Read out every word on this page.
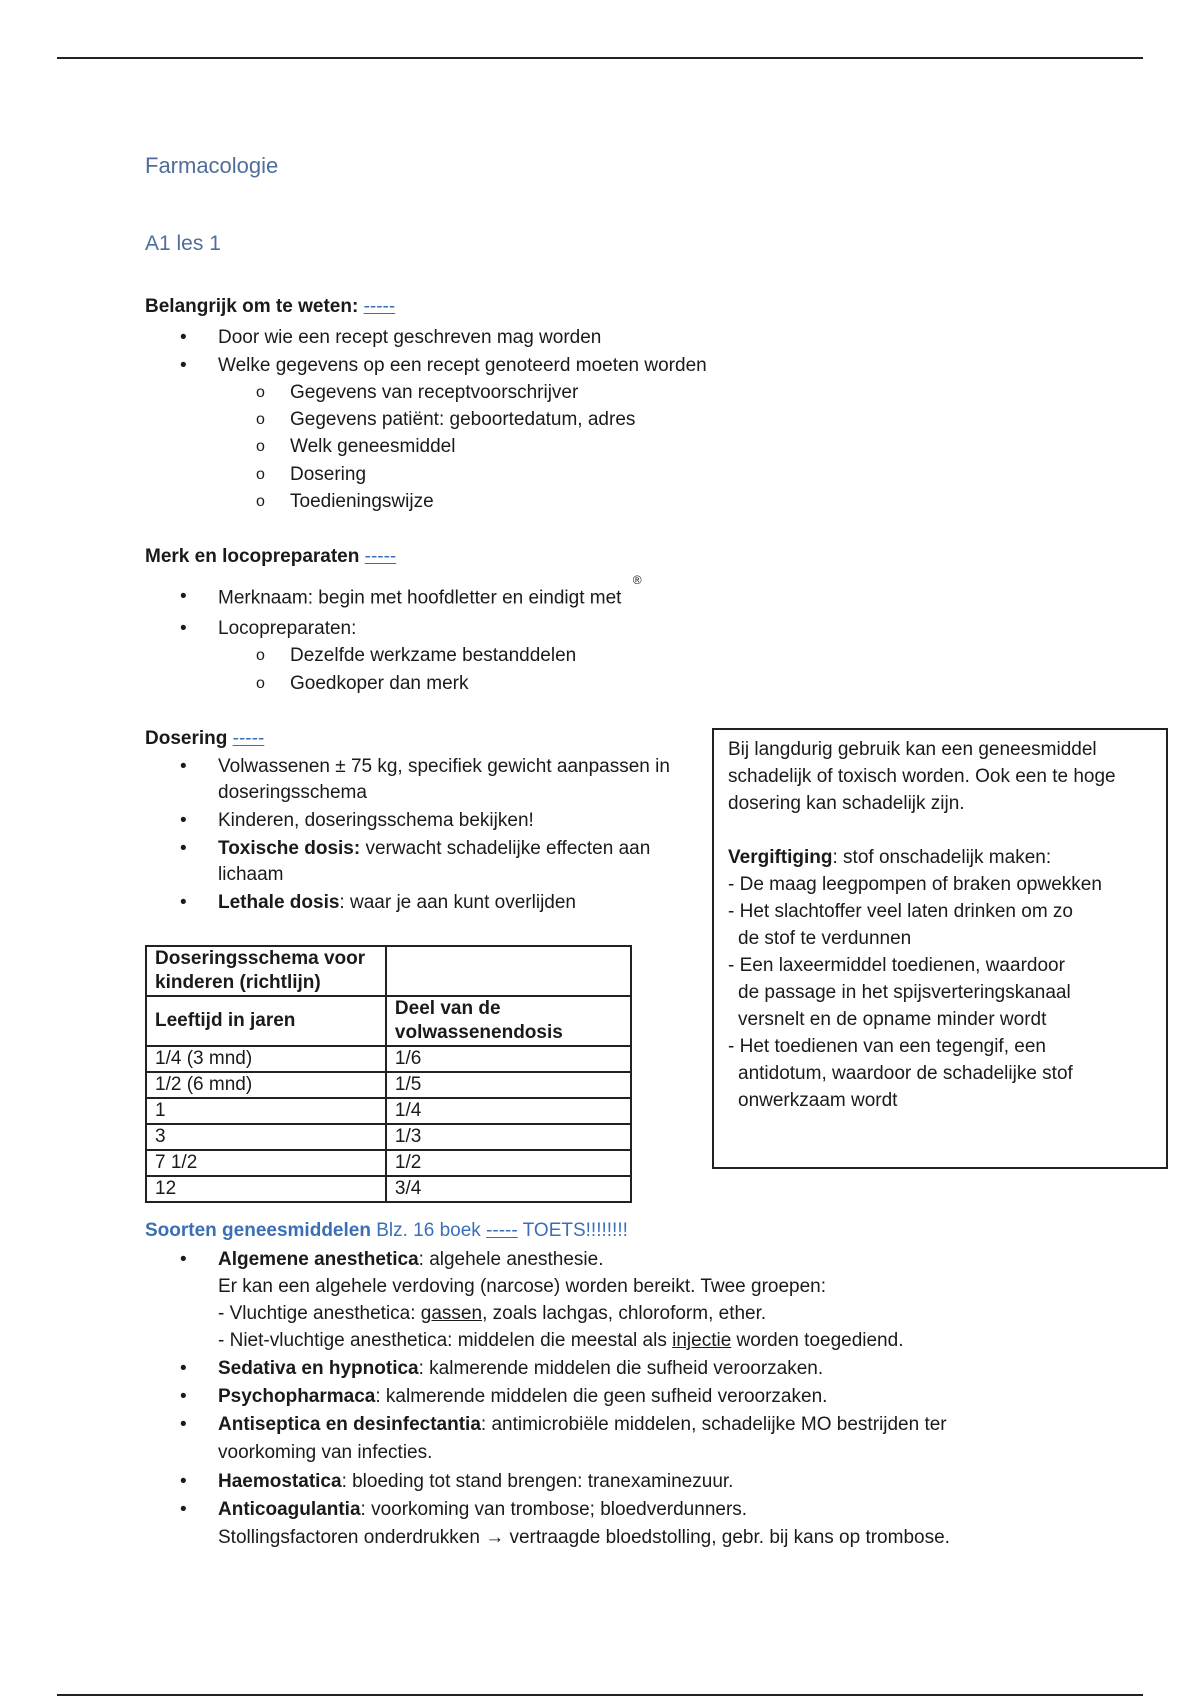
Farmacologie
A1 les 1
Belangrijk om te weten: -----
• Door wie een recept geschreven mag worden
• Welke gegevens op een recept genoteerd moeten worden
o Gegevens van receptvoorschrijver
o Gegevens patiënt: geboortedatum, adres
o Welk geneesmiddel
o Dosering
o Toedieningswijze
Merk en locopreparaten -----
• Merknaam: begin met hoofdletter en eindigt met ®
• Locopreparaten:
o Dezelfde werkzame bestanddelen
o Goedkoper dan merk
Dosering -----
• Volwassenen ± 75 kg, specifiek gewicht aanpassen in
doseringsschema
• Kinderen, doseringsschema bekijken!
• Toxische dosis: verwacht schadelijke effecten aan
lichaam
• Lethale dosis: waar je aan kunt overlijden
Doseringsschema voor kinderen (richtlijn)	
Leeftijd in jaren	Deel van de volwassenendosis
1/4 (3 mnd)	1/6
1/2 (6 mnd)	1/5
1	1/4
3	1/3
7 1/2	1/2
12	3/4

Bij langdurig gebruik kan een geneesmiddel

schadelijk of toxisch worden. Ook een te hoge

dosering kan schadelijk zijn.

Vergiftiging: stof onschadelijk maken:

- De maag leegpompen of braken opwekken

- Het slachtoffer veel laten drinken om zo

de stof te verdunnen

- Een laxeermiddel toedienen, waardoor

de passage in het spijsverteringskanaal

versnelt en de opname minder wordt

- Het toedienen van een tegengif, een

antidotum, waardoor de schadelijke stof

onwerkzaam wordt

Soorten geneesmiddelen Blz. 16 boek ----- TOETS!!!!!!!!
• Algemene anesthetica: algehele anesthesie.
Er kan een algehele verdoving (narcose) worden bereikt. Twee groepen:
- Vluchtige anesthetica: gassen, zoals lachgas, chloroform, ether.
- Niet-vluchtige anesthetica: middelen die meestal als injectie worden toegediend.
• Sedativa en hypnotica: kalmerende middelen die sufheid veroorzaken.
• Psychopharmaca: kalmerende middelen die geen sufheid veroorzaken.
• Antiseptica en desinfectantia: antimicrobiële middelen, schadelijke MO bestrijden ter
voorkoming van infecties.
• Haemostatica: bloeding tot stand brengen: tranexaminezuur.
• Anticoagulantia: voorkoming van trombose; bloedverdunners.
Stollingsfactoren onderdrukken → vertraagde bloedstolling, gebr. bij kans op trombose.
